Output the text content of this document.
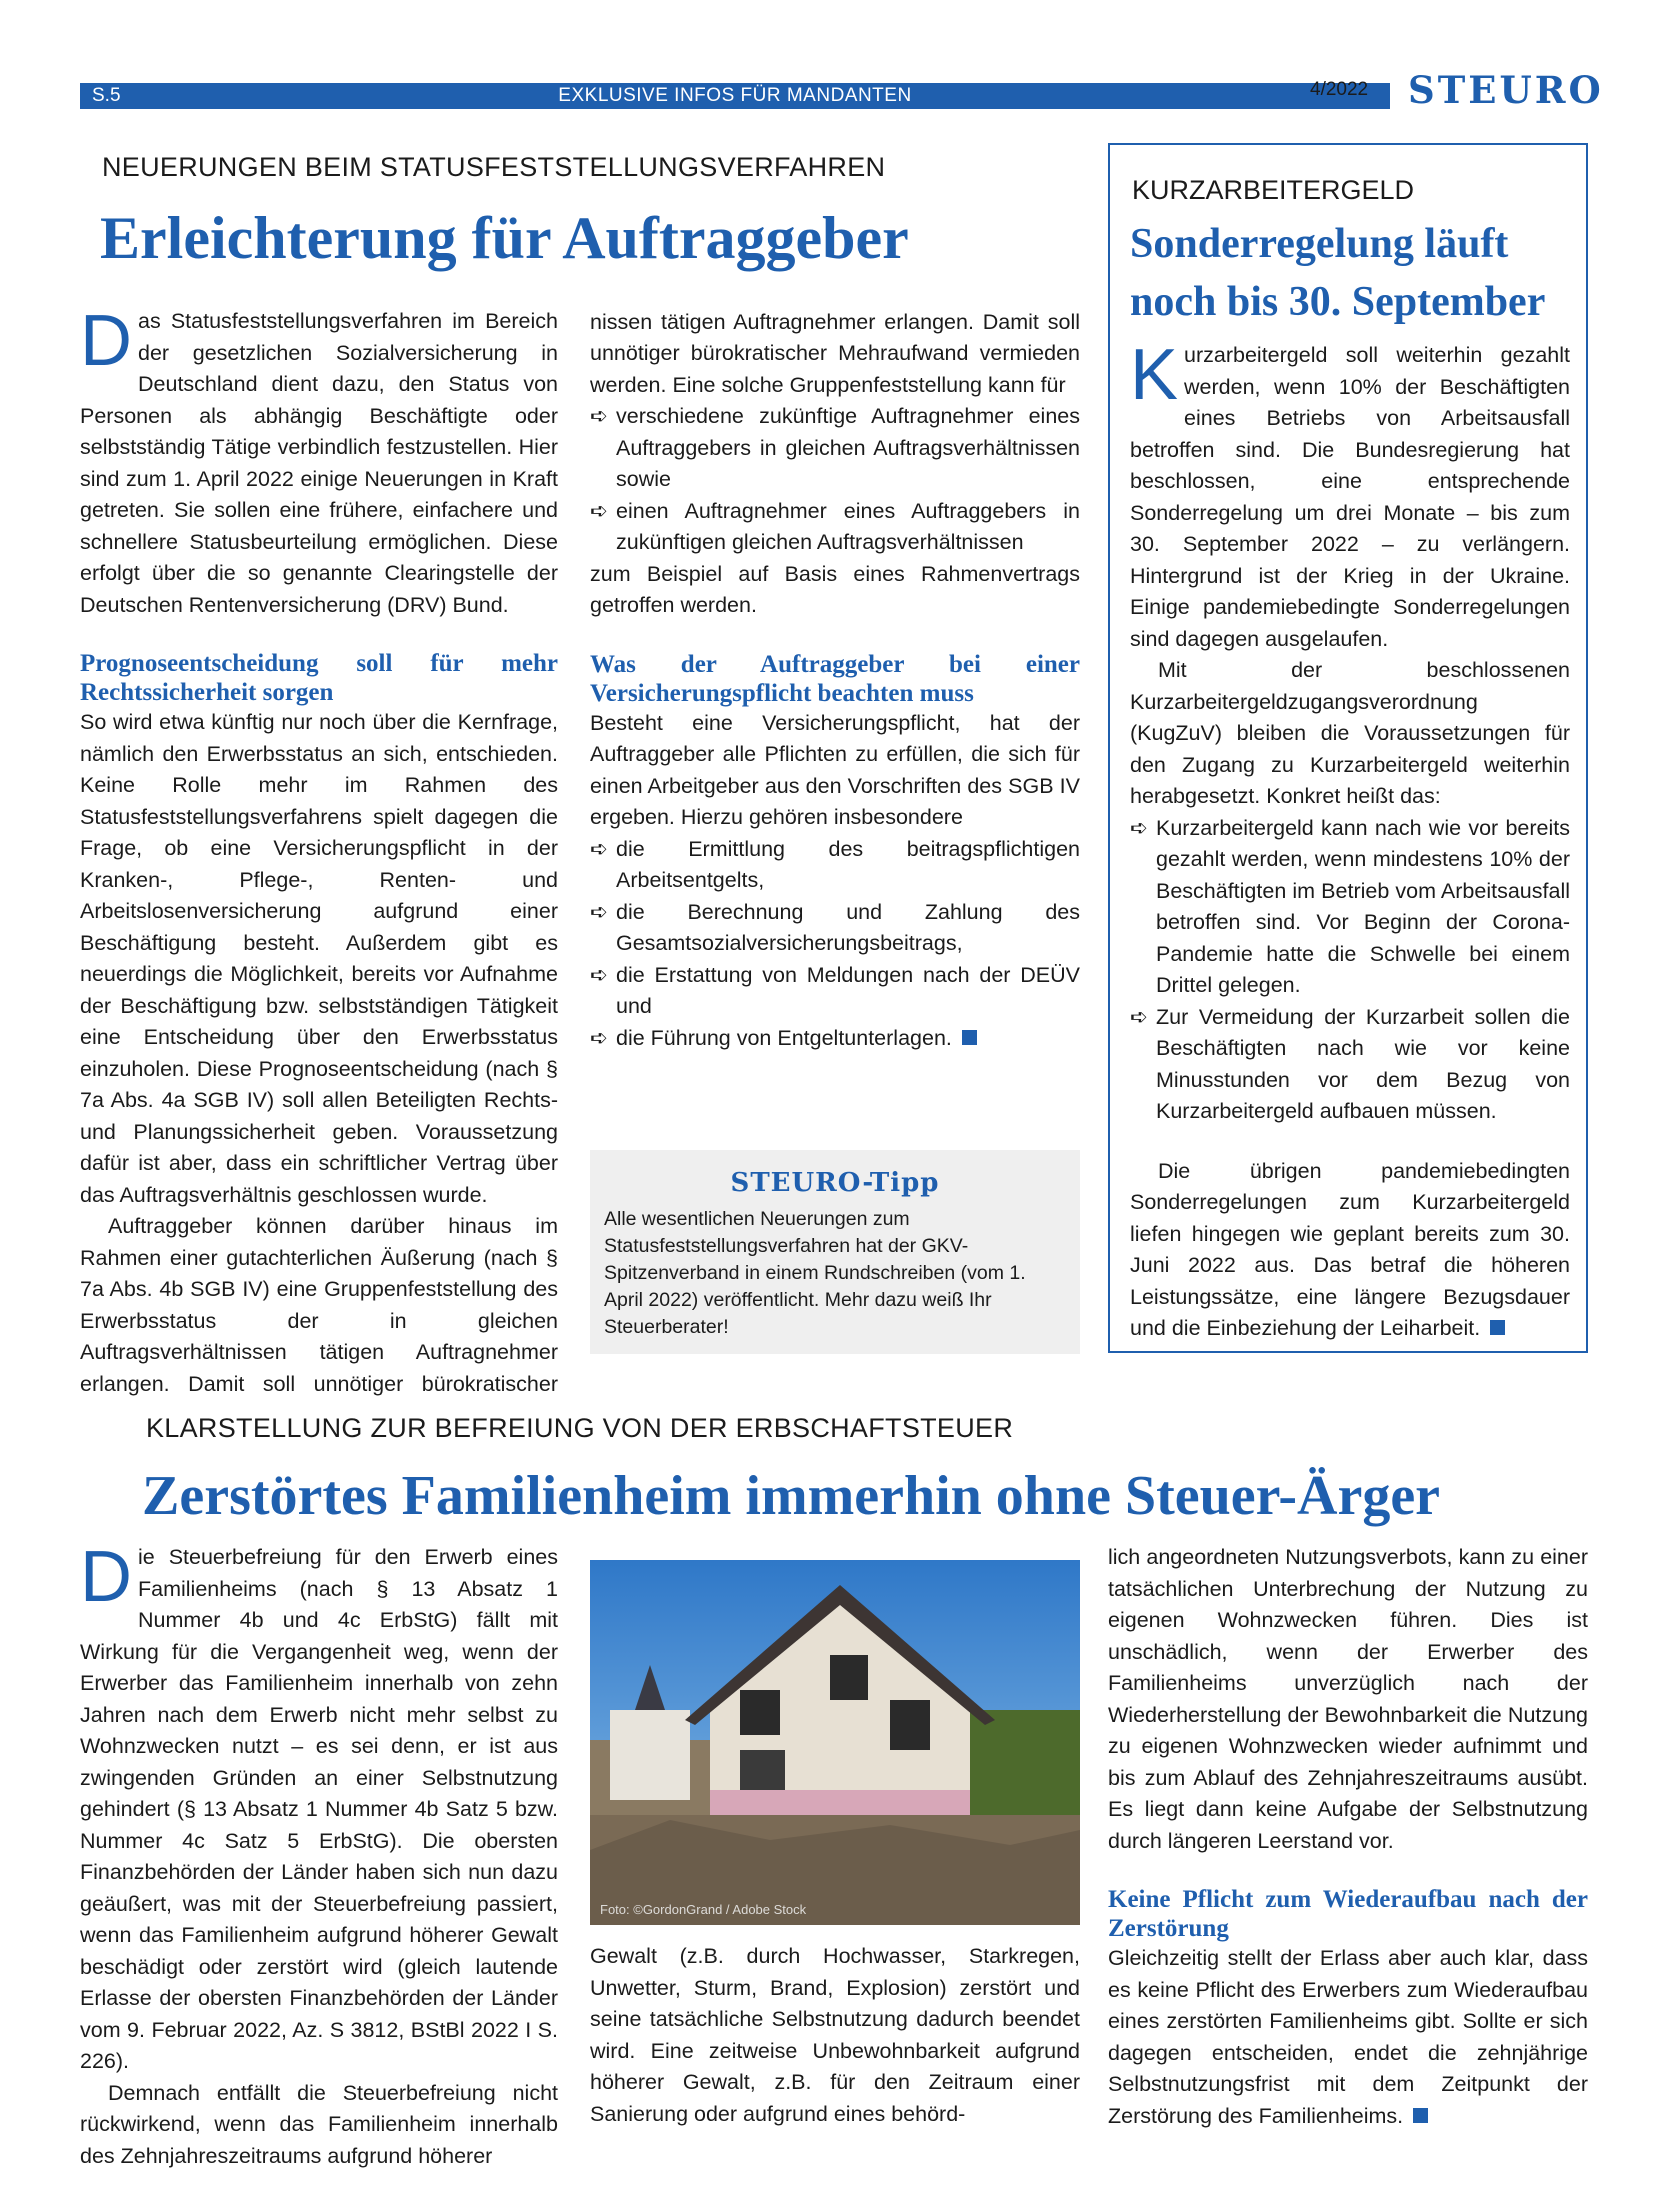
S.5	EXKLUSIVE INFOS FÜR MANDANTEN	4/2022 STEURO
NEUERUNGEN BEIM STATUSFESTSTELLUNGSVERFAHREN
Erleichterung für Auftraggeber

Das Statusfeststellungsverfahren im Bereich der gesetzlichen Sozialversicherung in Deutschland dient dazu, den Status von Personen als abhängig Beschäftigte oder selbstständig Tätige verbindlich festzustellen. Hier sind zum 1. April 2022 einige Neuerungen in Kraft getreten. Sie sollen eine frühere, einfachere und schnellere Statusbeurteilung ermöglichen. Diese erfolgt über die so genannte Clearingstelle der Deutschen Rentenversicherung (DRV) Bund.

Prognoseentscheidung soll für mehr Rechtssicherheit sorgen

So wird etwa künftig nur noch über die Kernfrage, nämlich den Erwerbsstatus an sich, entschieden. Keine Rolle mehr im Rahmen des Statusfeststellungsverfahrens spielt dagegen die Frage, ob eine Versicherungspflicht in der Kranken-, Pflege-, Renten- und Arbeitslosenversicherung aufgrund einer Beschäftigung besteht. Außerdem gibt es neuerdings die Möglichkeit, bereits vor Aufnahme der Beschäftigung bzw. selbstständigen Tätigkeit eine Entscheidung über den Erwerbsstatus einzuholen. Diese Prognoseentscheidung (nach § 7a Abs. 4a SGB IV) soll allen Beteiligten Rechts- und Planungssicherheit geben. Voraussetzung dafür ist aber, dass ein schriftlicher Vertrag über das Auftragsverhältnis geschlossen wurde.

Auftraggeber können darüber hinaus im Rahmen einer gutachterlichen Äußerung (nach § 7a Abs. 4b SGB IV) eine Gruppenfeststellung des Erwerbsstatus der in gleichen Auftragsverhältnissen tätigen Auftragnehmer erlangen. Damit soll unnötiger bürokratischer

nissen tätigen Auftragnehmer erlangen. Damit soll unnötiger bürokratischer Mehraufwand vermieden werden. Eine solche Gruppenfeststellung kann für

➪ verschiedene zukünftige Auftragnehmer eines Auftraggebers in gleichen Auftragsverhältnissen sowie
➪ einen Auftragnehmer eines Auftraggebers in zukünftigen gleichen Auftragsverhältnissen

zum Beispiel auf Basis eines Rahmenvertrags getroffen werden.

Was der Auftraggeber bei einer Versicherungspflicht beachten muss

Besteht eine Versicherungspflicht, hat der Auftraggeber alle Pflichten zu erfüllen, die sich für einen Arbeitgeber aus den Vorschriften des SGB IV ergeben. Hierzu gehören insbesondere

➪ die Ermittlung des beitragspflichtigen Arbeitsentgelts,
➪ die Berechnung und Zahlung des Gesamtsozialversicherungsbeitrags,
➪ die Erstattung von Meldungen nach der DEÜV und
➪ die Führung von Entgeltunterlagen.
STEURO-Tipp
Alle wesentlichen Neuerungen zum Statusfeststellungsverfahren hat der GKV-Spitzenverband in einem Rundschreiben (vom 1. April 2022) veröffentlicht. Mehr dazu weiß Ihr Steuerberater!
KURZARBEITERGELD
Sonderregelung läuft noch bis 30. September

Kurzarbeitergeld soll weiterhin gezahlt werden, wenn 10% der Beschäftigten eines Betriebs von Arbeitsausfall betroffen sind. Die Bundesregierung hat beschlossen, eine entsprechende Sonderregelung um drei Monate – bis zum 30. September 2022 – zu verlängern. Hintergrund ist der Krieg in der Ukraine. Einige pandemiebedingte Sonderregelungen sind dagegen ausgelaufen.

Mit der beschlossenen Kurzarbeitergeldzugangsverordnung (KugZuV) bleiben die Voraussetzungen für den Zugang zu Kurzarbeitergeld weiterhin herabgesetzt. Konkret heißt das:

➪ Kurzarbeitergeld kann nach wie vor bereits gezahlt werden, wenn mindestens 10% der Beschäftigten im Betrieb vom Arbeitsausfall betroffen sind. Vor Beginn der Corona-Pandemie hatte die Schwelle bei einem Drittel gelegen.
➪ Zur Vermeidung der Kurzarbeit sollen die Beschäftigten nach wie vor keine Minusstunden vor dem Bezug von Kurzarbeitergeld aufbauen müssen.

Die übrigen pandemiebedingten Sonderregelungen zum Kurzarbeitergeld liefen hingegen wie geplant bereits zum 30. Juni 2022 aus. Das betraf die höheren Leistungssätze, eine längere Bezugsdauer und die Einbeziehung der Leiharbeit.

KLARSTELLUNG ZUR BEFREIUNG VON DER ERBSCHAFTSTEUER
Zerstörtes Familienheim immerhin ohne Steuer-Ärger

Die Steuerbefreiung für den Erwerb eines Familienheims (nach § 13 Absatz 1 Nummer 4b und 4c ErbStG) fällt mit Wirkung für die Vergangenheit weg, wenn der Erwerber das Familienheim innerhalb von zehn Jahren nach dem Erwerb nicht mehr selbst zu Wohnzwecken nutzt – es sei denn, er ist aus zwingenden Gründen an einer Selbstnutzung gehindert (§ 13 Absatz 1 Nummer 4b Satz 5 bzw. Nummer 4c Satz 5 ErbStG). Die obersten Finanzbehörden der Länder haben sich nun dazu geäußert, was mit der Steuerbefreiung passiert, wenn das Familienheim aufgrund höherer Gewalt beschädigt oder zerstört wird (gleich lautende Erlasse der obersten Finanzbehörden der Länder vom 9. Februar 2022, Az. S 3812, BStBl 2022 I S. 226).

Demnach entfällt die Steuerbefreiung nicht rückwirkend, wenn das Familienheim innerhalb des Zehnjahreszeitraums aufgrund höherer

Foto: ©GordonGrand / Adobe Stock

Gewalt (z.B. durch Hochwasser, Starkregen, Unwetter, Sturm, Brand, Explosion) zerstört und seine tatsächliche Selbstnutzung dadurch beendet wird. Eine zeitweise Unbewohnbarkeit aufgrund höherer Gewalt, z.B. für den Zeitraum einer Sanierung oder aufgrund eines behörd-

lich angeordneten Nutzungsverbots, kann zu einer tatsächlichen Unterbrechung der Nutzung zu eigenen Wohnzwecken führen. Dies ist unschädlich, wenn der Erwerber des Familienheims unverzüglich nach der Wiederherstellung der Bewohnbarkeit die Nutzung zu eigenen Wohnzwecken wieder aufnimmt und bis zum Ablauf des Zehnjahreszeitraums ausübt. Es liegt dann keine Aufgabe der Selbstnutzung durch längeren Leerstand vor.

Keine Pflicht zum Wiederaufbau nach der Zerstörung

Gleichzeitig stellt der Erlass aber auch klar, dass es keine Pflicht des Erwerbers zum Wiederaufbau eines zerstörten Familienheims gibt. Sollte er sich dagegen entscheiden, endet die zehnjährige Selbstnutzungsfrist mit dem Zeitpunkt der Zerstörung des Familienheims.
